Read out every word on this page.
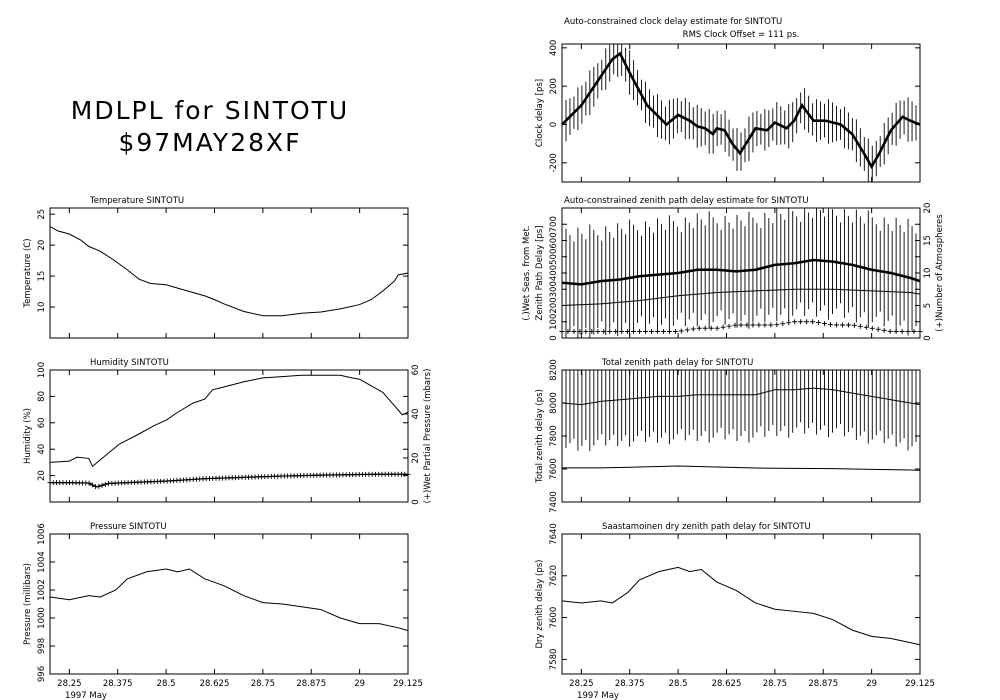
MDLPL for SINTOTU
$97MAY28XF
Temperature SINTOTU
10
15
20
25
Temperature (C)
Humidity SINTOTU
20
40
60
80
100
Humidity (%)
0
20
40
60 (+)Wet Partial Pressure (mbars)
Pressure SINTOTU
996
998
1000
1002
1004
1006
28.25	28.375	28.5	28.625	28.75	28.875	29	29.125
Pressure (millibars)
1997 May
Auto-constrained clock delay estimate for SINTOTU
RMS Clock Offset = 111 ps.
-200
0
200
400
Clock delay [ps]
Auto-constrained zenith path delay estimate for SINTOTU
0
100
200
300
400
500
600
700
Zenith Path Delay [ps]
(.)Wet Seas. from Met.
0
5
10
15
20
(+)Number of Atmospheres
Total zenith path delay for SINTOTU
7400
7600
7800
8000
8200
Total zenith delay (ps)
Saastamoinen dry zenith path delay for SINTOTU
7580
7600
7620
7640
28.25	28.375	28.5	28.625	28.75	28.875	29	29.125
Dry zenith delay (ps)
1997 May
